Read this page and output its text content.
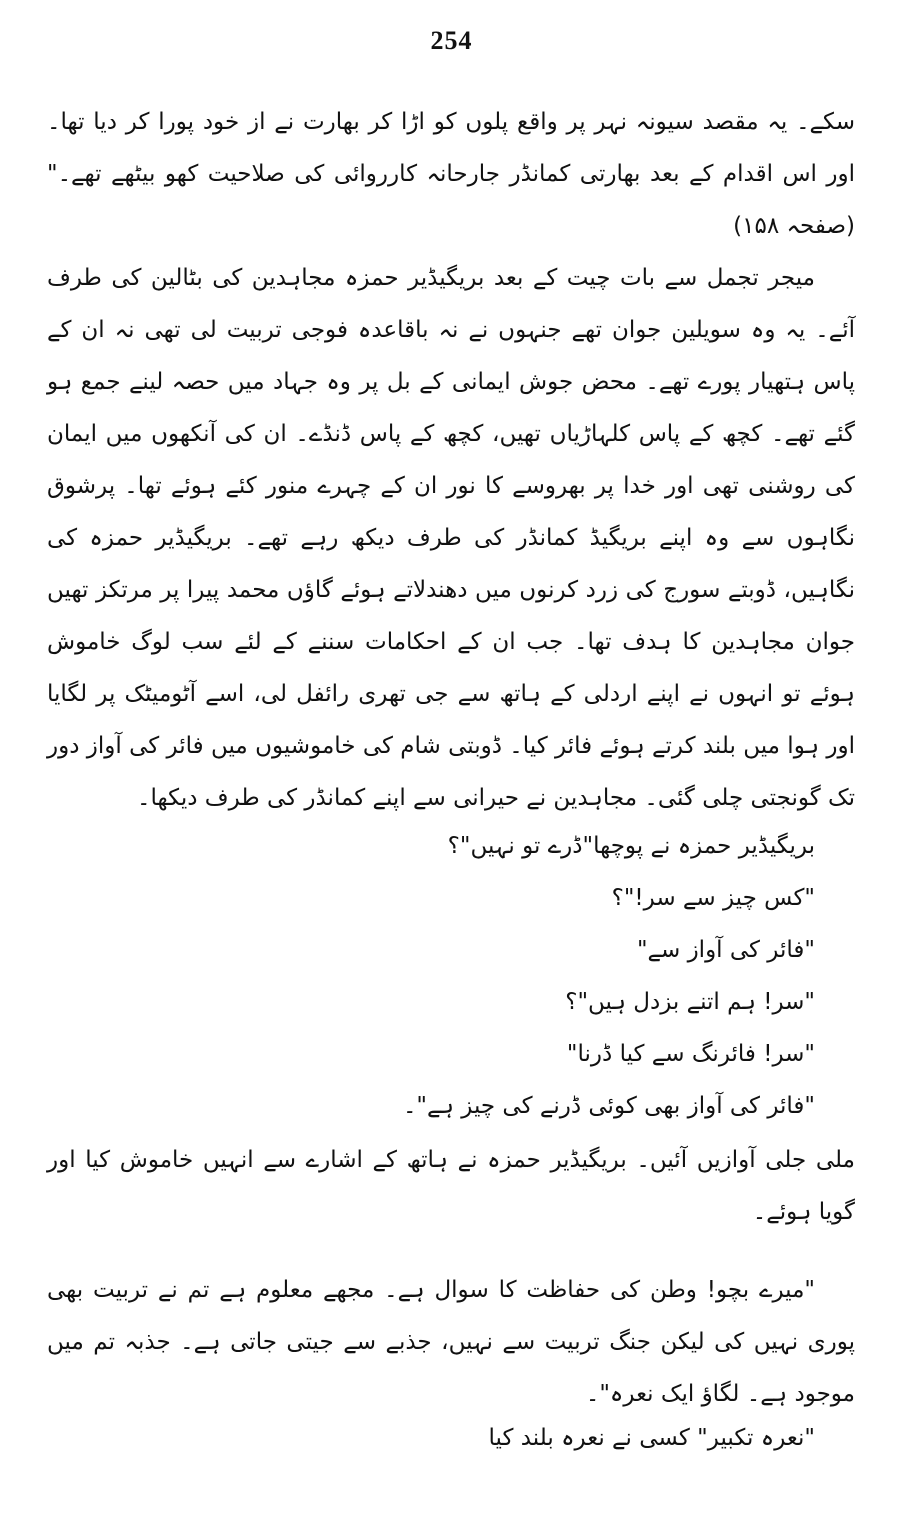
254
سکے۔ یہ مقصد سیونہ نہر پر واقع پلوں کو اڑا کر بھارت نے از خود پورا کر دیا تھا۔ اور اس اقدام کے بعد بھارتی کمانڈر جارحانہ کارروائی کی صلاحیت کھو بیٹھے تھے۔" (صفحہ ۱۵۸)
میجر تجمل سے بات چیت کے بعد بریگیڈیر حمزہ مجاہدین کی بٹالین کی طرف آئے۔ یہ وہ سویلین جوان تھے جنہوں نے نہ باقاعدہ فوجی تربیت لی تھی نہ ان کے پاس ہتھیار پورے تھے۔ محض جوش ایمانی کے بل پر وہ جہاد میں حصہ لینے جمع ہو گئے تھے۔ کچھ کے پاس کلہاڑیاں تھیں، کچھ کے پاس ڈنڈے۔ ان کی آنکھوں میں ایمان کی روشنی تھی اور خدا پر بھروسے کا نور ان کے چہرے منور کئے ہوئے تھا۔ پرشوق نگاہوں سے وہ اپنے بریگیڈ کمانڈر کی طرف دیکھ رہے تھے۔ بریگیڈیر حمزہ کی نگاہیں، ڈوبتے سورج کی زرد کرنوں میں دھندلاتے ہوئے گاؤں محمد پیرا پر مرتکز تھیں جوان مجاہدین کا ہدف تھا۔ جب ان کے احکامات سننے کے لئے سب لوگ خاموش ہوئے تو انہوں نے اپنے اردلی کے ہاتھ سے جی تھری رائفل لی، اسے آٹومیٹک پر لگایا اور ہوا میں بلند کرتے ہوئے فائر کیا۔ ڈوبتی شام کی خاموشیوں میں فائر کی آواز دور تک گونجتی چلی گئی۔ مجاہدین نے حیرانی سے اپنے کمانڈر کی طرف دیکھا۔
بریگیڈیر حمزہ نے پوچھا"ڈرے تو نہیں"؟
"کس چیز سے سر!"؟
"فائر کی آواز سے"
"سر! ہم اتنے بزدل ہیں"؟
"سر! فائرنگ سے کیا ڈرنا"
"فائر کی آواز بھی کوئی ڈرنے کی چیز ہے"۔
ملی جلی آوازیں آئیں۔ بریگیڈیر حمزہ نے ہاتھ کے اشارے سے انہیں خاموش کیا اور گویا ہوئے۔
"میرے بچو! وطن کی حفاظت کا سوال ہے۔ مجھے معلوم ہے تم نے تربیت بھی پوری نہیں کی لیکن جنگ تربیت سے نہیں، جذبے سے جیتی جاتی ہے۔ جذبہ تم میں موجود ہے۔ لگاؤ ایک نعرہ"۔
"نعرہ تکبیر" کسی نے نعرہ بلند کیا
